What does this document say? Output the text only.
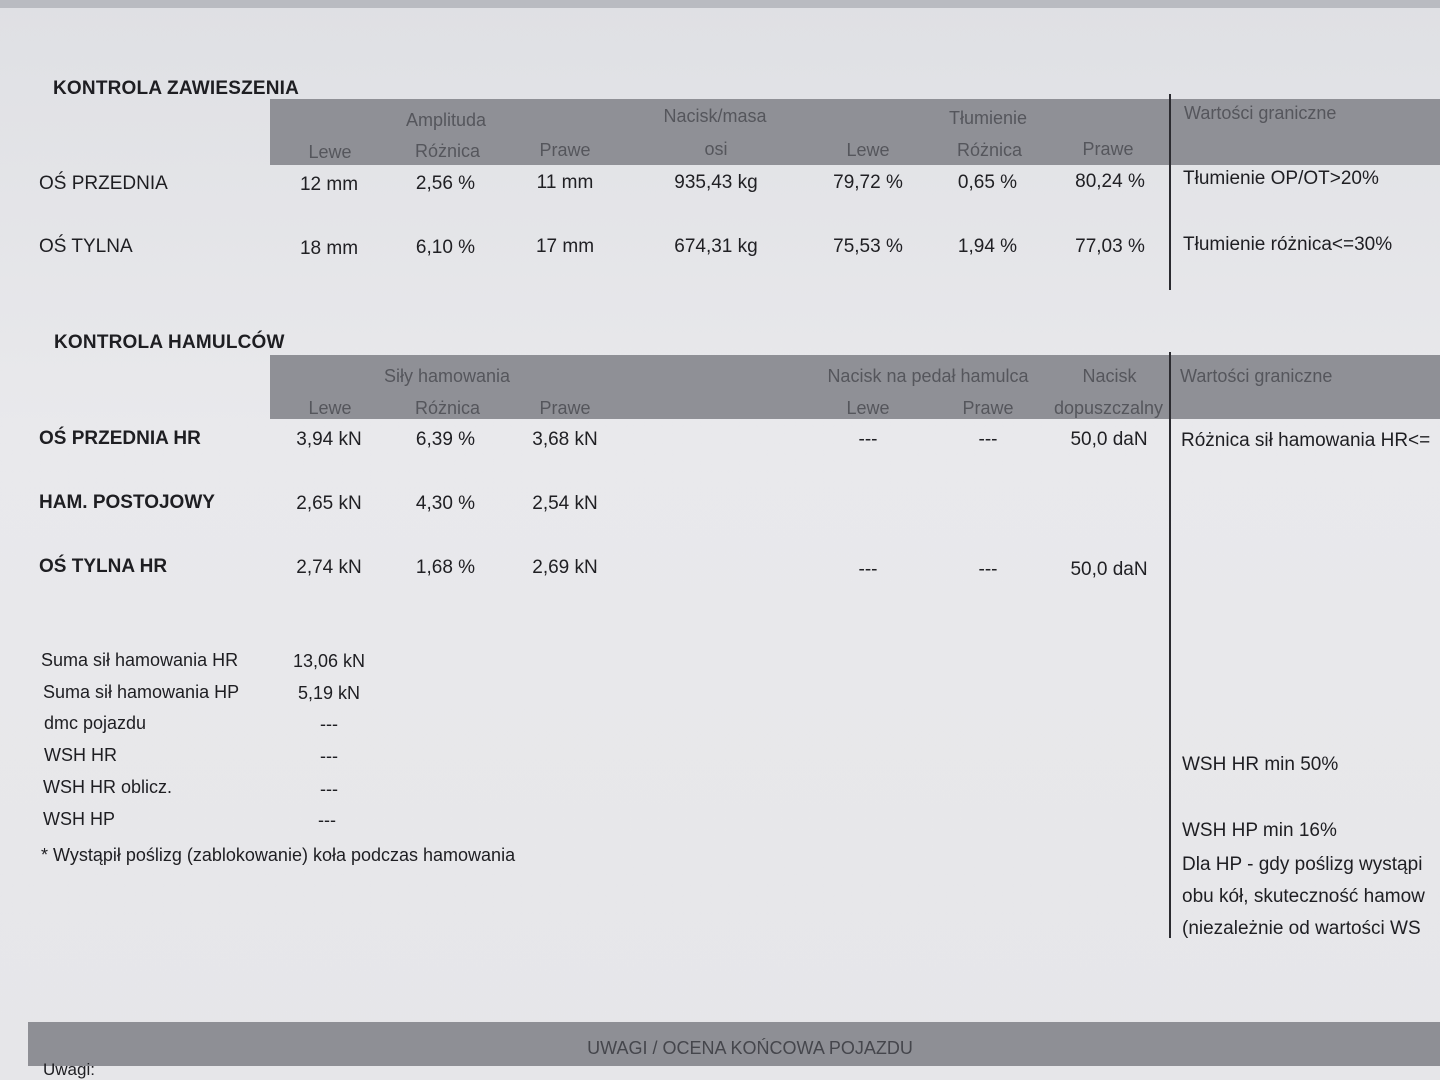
KONTROLA ZAWIESZENIA
Amplituda	Nacisk/masa	Tłumienie	Wartości graniczne
Lewe	Różnica	Prawe	osi	Lewe	Różnica	Prawe
OŚ PRZEDNIA	12 mm	2,56 %	11 mm	935,43 kg	79,72 %	0,65 %	80,24 %	Tłumienie OP/OT>20%
OŚ TYLNA	18 mm	6,10 %	17 mm	674,31 kg	75,53 %	1,94 %	77,03 %	Tłumienie różnica<=30%
KONTROLA HAMULCÓW
Siły hamowania	Nacisk na pedał hamulca	Nacisk	Wartości graniczne
Lewe	Różnica	Prawe	Lewe	Prawe	dopuszczalny
OŚ PRZEDNIA HR	3,94 kN	6,39 %	3,68 kN	---	---	50,0 daN	Różnica sił hamowania HR<=
HAM. POSTOJOWY	2,65 kN	4,30 %	2,54 kN
OŚ TYLNA HR	2,74 kN	1,68 %	2,69 kN	---	---	50,0 daN
Suma sił hamowania HR	13,06 kN
Suma sił hamowania HP	5,19 kN
dmc pojazdu	---
WSH HR	---
WSH HR oblicz.	---
WSH HP	---
* Wystąpił poślizg (zablokowanie) koła podczas hamowania
WSH HR min 50%
WSH HP min 16%
Dla HP - gdy poślizg wystąpi
obu kół, skuteczność hamow
(niezależnie od wartości WS
UWAGI / OCENA KOŃCOWA POJAZDU
Uwagi:
